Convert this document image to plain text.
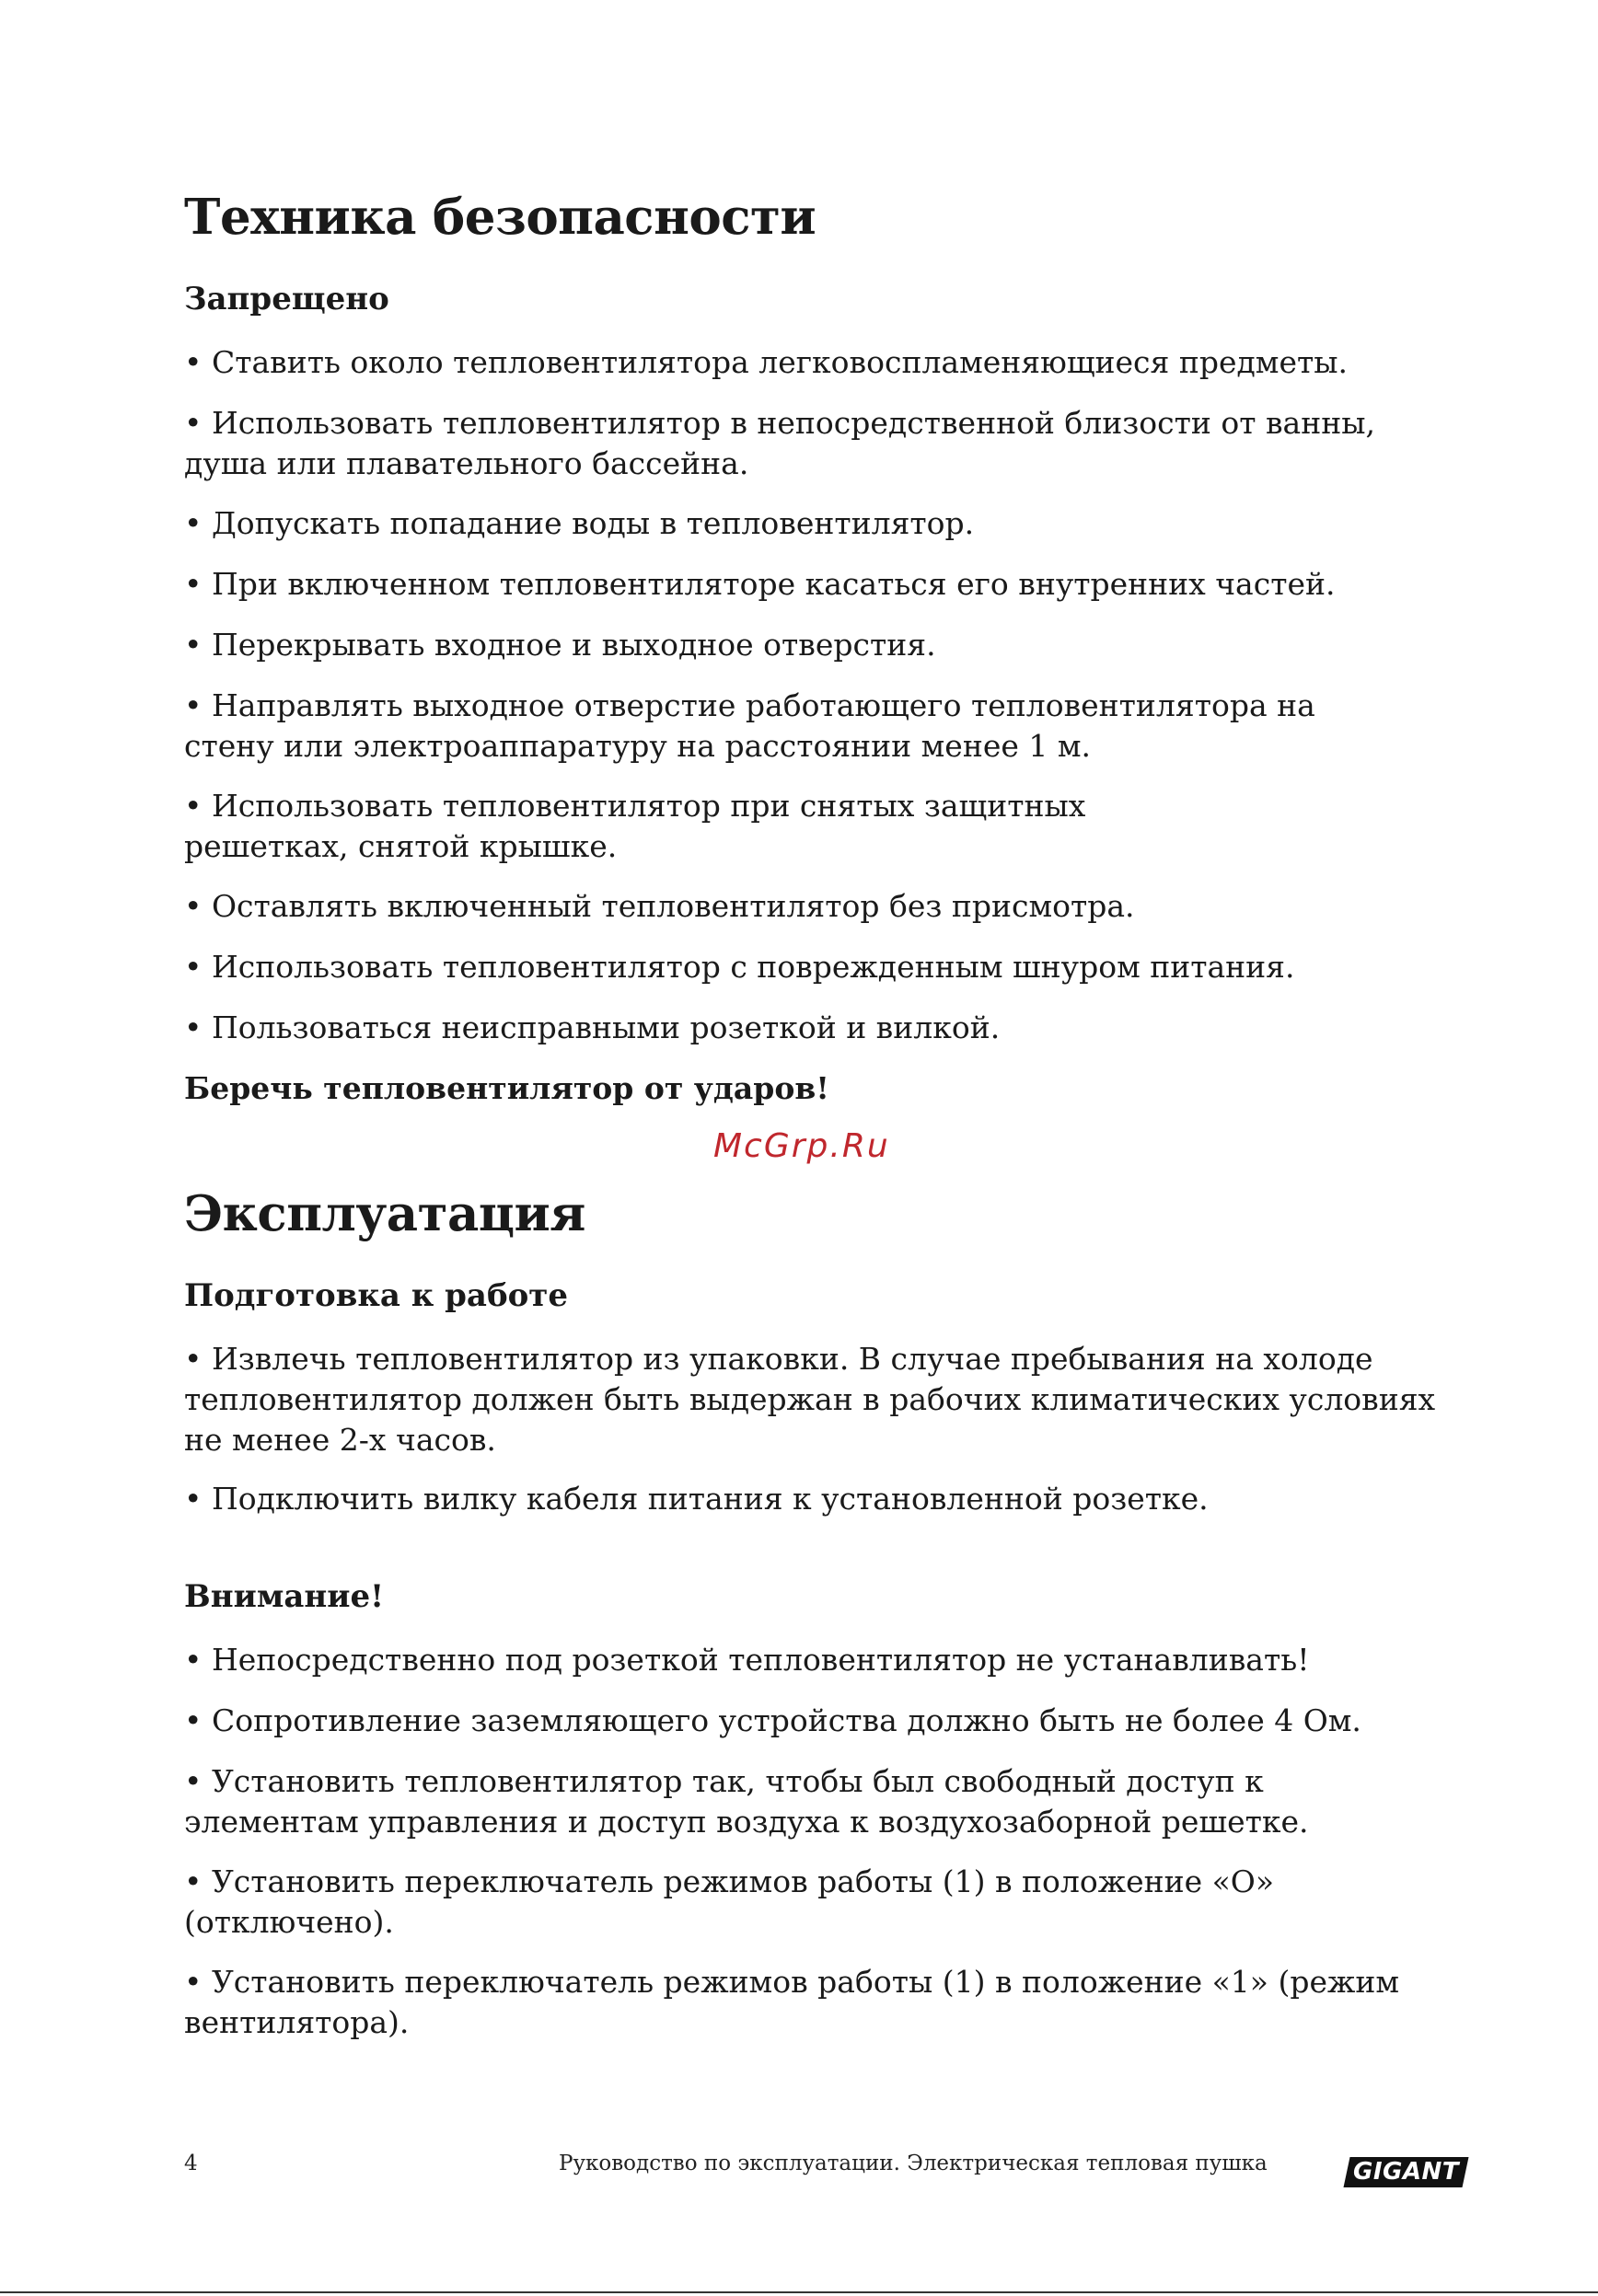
Техника безопасности
Запрещено

• Ставить около тепловентилятора легковоспламеняющиеся предметы.

• Использовать тепловентилятор в непосредственной близости от ванны, душа или плавательного бассейна.

• Допускать попадание воды в тепловентилятор.

• При включенном тепловентиляторе касаться его внутренних частей.

• Перекрывать входное и выходное отверстия.

• Направлять выходное отверстие работающего тепловентилятора на стену или электроаппаратуру на расстоянии менее 1 м.

• Использовать тепловентилятор при снятых защитных решетках, снятой крышке.

• Оставлять включенный тепловентилятор без присмотра.

• Использовать тепловентилятор с поврежденным шнуром питания.

• Пользоваться неисправными розеткой и вилкой.

Беречь тепловентилятор от ударов!

Эксплуатация
Подготовка к работе

• Извлечь тепловентилятор из упаковки. В случае пребывания на холоде тепловентилятор должен быть выдержан в рабочих климатических условиях не менее 2-х часов.

• Подключить вилку кабеля питания к установленной розетке.

Внимание!

• Непосредственно под розеткой тепловентилятор не устанавливать!

• Сопротивление заземляющего устройства должно быть не более 4 Ом.

• Установить тепловентилятор так, чтобы был свободный доступ к элементам управления и доступ воздуха к воздухозаборной решетке.

• Установить переключатель режимов работы (1) в положение «О» (отключено).

• Установить переключатель режимов работы (1) в положение «1» (режим вентилятора).

McGrp.Ru
4	Руководство по эксплуатации. Электрическая тепловая пушка	GIGANT
